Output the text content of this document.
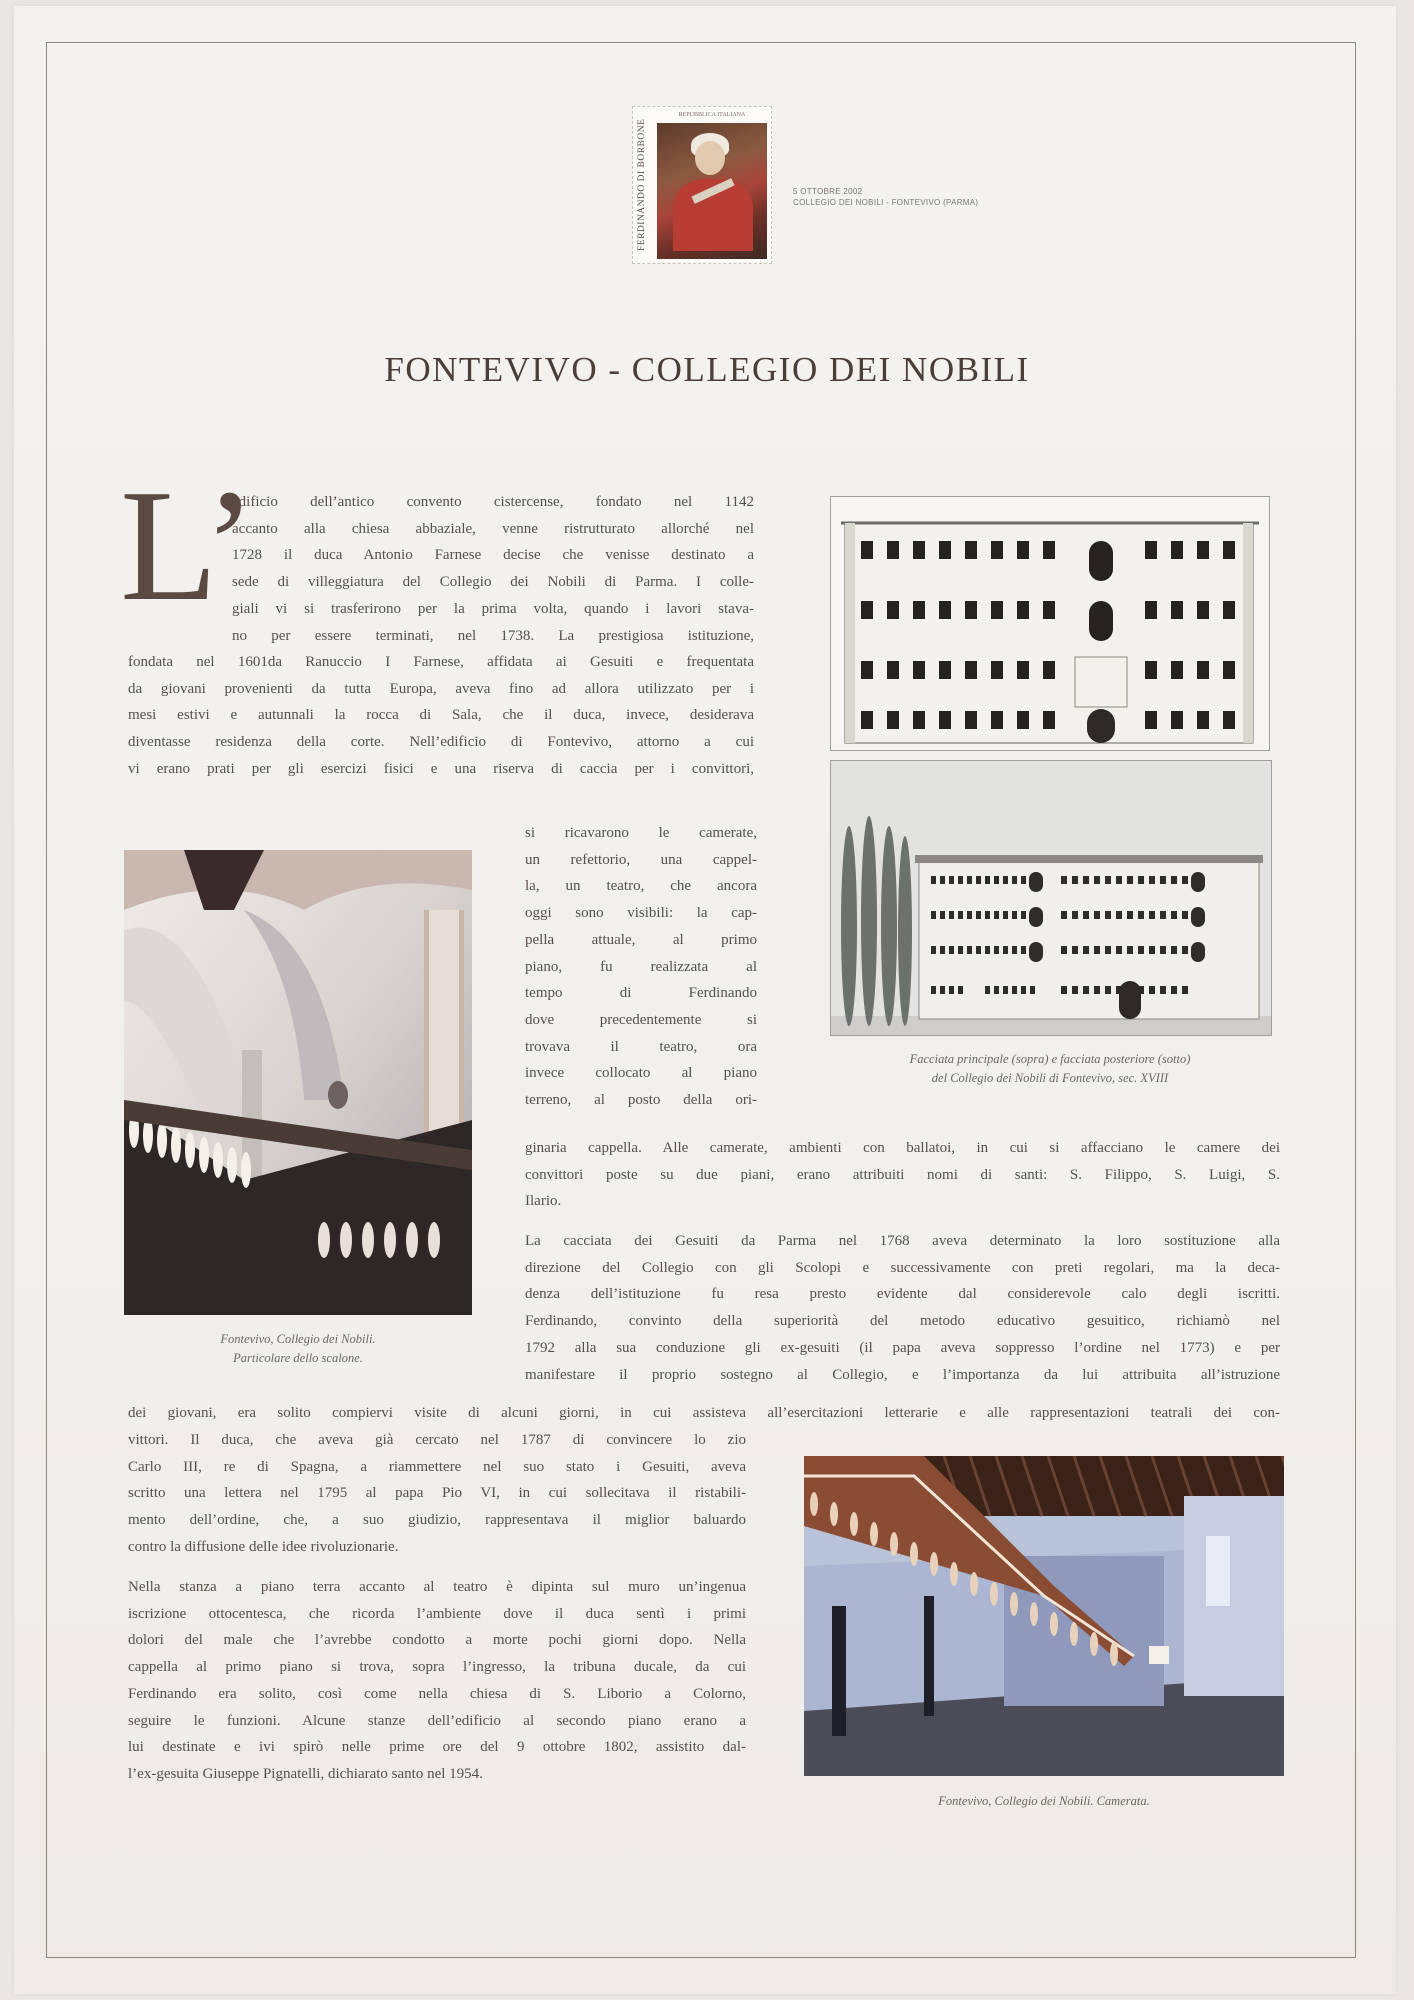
FERDINANDO DI BORBONE
REPUBBLICA ITALIANA
5 OTTOBRE 2002
COLLEGIO DEI NOBILI - FONTEVIVO (PARMA)
FONTEVIVO - COLLEGIO DEI NOBILI
L’
edificio dell’antico convento cistercense, fondato nel 1142
accanto alla chiesa abbaziale, venne ristrutturato allorché nel
1728 il duca Antonio Farnese decise che venisse destinato a
sede di villeggiatura del Collegio dei Nobili di Parma. I colle-
giali vi si trasferirono per la prima volta, quando i lavori stava-
no per essere terminati, nel 1738. La prestigiosa istituzione,
fondata nel 1601da Ranuccio I Farnese, affidata ai Gesuiti e frequentata
da giovani provenienti da tutta Europa, aveva fino ad allora utilizzato per i
mesi estivi e autunnali la rocca di Sala, che il duca, invece, desiderava
diventasse residenza della corte. Nell’edificio di Fontevivo, attorno a cui
vi erano prati per gli esercizi fisici e una riserva di caccia per i convittori,
si ricavarono le camerate,
un refettorio, una cappel-
la, un teatro, che ancora
oggi sono visibili: la cap-
pella attuale, al primo
piano, fu realizzata al
tempo di Ferdinando
dove precedentemente si
trovava il teatro, ora
invece collocato al piano
terreno, al posto della ori-
ginaria cappella. Alle camerate, ambienti con ballatoi, in cui si affacciano le camere dei
convittori poste su due piani, erano attribuiti nomi di santi: S. Filippo, S. Luigi, S.
Ilario.
La cacciata dei Gesuiti da Parma nel 1768 aveva determinato la loro sostituzione alla
direzione del Collegio con gli Scolopi e successivamente con preti regolari, ma la deca-
denza dell’istituzione fu resa presto evidente dal considerevole calo degli iscritti.
Ferdinando, convinto della superiorità del metodo educativo gesuitico, richiamò nel
1792 alla sua conduzione gli ex-gesuiti (il papa aveva soppresso l’ordine nel 1773) e per
manifestare il proprio sostegno al Collegio, e l’importanza da lui attribuita all’istruzione
dei giovani, era solito compiervi visite di alcuni giorni, in cui assisteva all’esercitazioni letterarie e alle rappresentazioni teatrali dei con-
vittori. Il duca, che aveva già cercato nel 1787 di convincere lo zio
Carlo III, re di Spagna, a riammettere nel suo stato i Gesuiti, aveva
scritto una lettera nel 1795 al papa Pio VI, in cui sollecitava il ristabili-
mento dell’ordine, che, a suo giudizio, rappresentava il miglior baluardo
contro la diffusione delle idee rivoluzionarie.
Nella stanza a piano terra accanto al teatro è dipinta sul muro un’ingenua
iscrizione ottocentesca, che ricorda l’ambiente dove il duca sentì i primi
dolori del male che l’avrebbe condotto a morte pochi giorni dopo. Nella
cappella al primo piano si trova, sopra l’ingresso, la tribuna ducale, da cui
Ferdinando era solito, così come nella chiesa di S. Liborio a Colorno,
seguire le funzioni. Alcune stanze dell’edificio al secondo piano erano a
lui destinate e ivi spirò nelle prime ore del 9 ottobre 1802, assistito dal-
l’ex-gesuita Giuseppe Pignatelli, dichiarato santo nel 1954.
Facciata principale (sopra) e facciata posteriore (sotto)
del Collegio dei Nobili di Fontevivo, sec. XVIII
Fontevivo, Collegio dei Nobili.
Particolare dello scalone.
Fontevivo, Collegio dei Nobili. Camerata.
